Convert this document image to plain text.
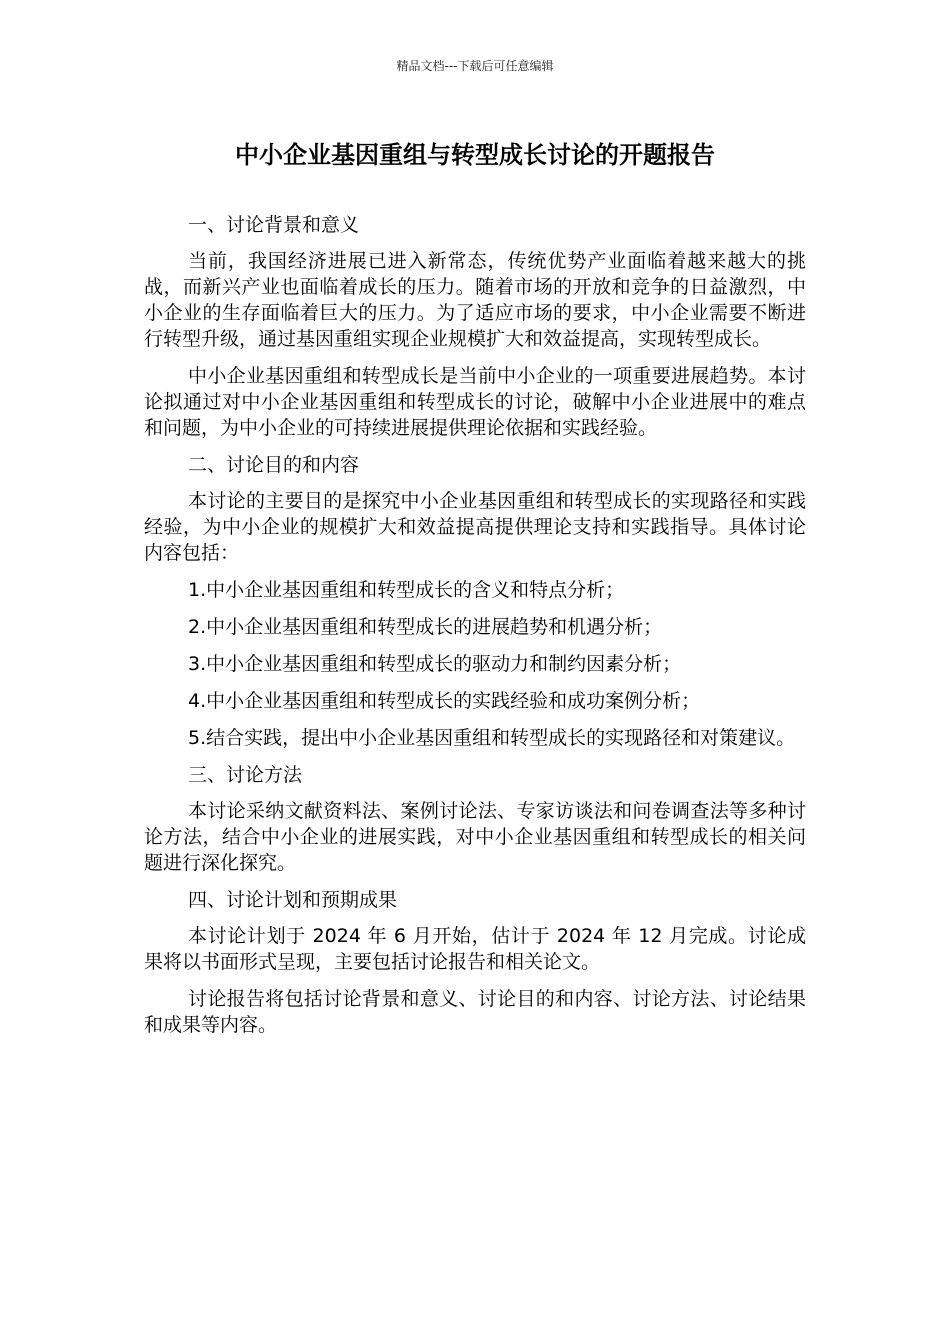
精品文档---下载后可任意编辑
中小企业基因重组与转型成长讨论的开题报告

一、讨论背景和意义

当前，我国经济进展已进入新常态，传统优势产业面临着越来越大的挑战，而新兴产业也面临着成长的压力。随着市场的开放和竞争的日益激烈，中小企业的生存面临着巨大的压力。为了适应市场的要求，中小企业需要不断进行转型升级，通过基因重组实现企业规模扩大和效益提高，实现转型成长。

中小企业基因重组和转型成长是当前中小企业的一项重要进展趋势。本讨论拟通过对中小企业基因重组和转型成长的讨论，破解中小企业进展中的难点和问题，为中小企业的可持续进展提供理论依据和实践经验。

二、讨论目的和内容

本讨论的主要目的是探究中小企业基因重组和转型成长的实现路径和实践经验，为中小企业的规模扩大和效益提高提供理论支持和实践指导。具体讨论内容包括：

1.中小企业基因重组和转型成长的含义和特点分析；

2.中小企业基因重组和转型成长的进展趋势和机遇分析；

3.中小企业基因重组和转型成长的驱动力和制约因素分析；

4.中小企业基因重组和转型成长的实践经验和成功案例分析；

5.结合实践，提出中小企业基因重组和转型成长的实现路径和对策建议。

三、讨论方法

本讨论采纳文献资料法、案例讨论法、专家访谈法和问卷调查法等多种讨论方法，结合中小企业的进展实践，对中小企业基因重组和转型成长的相关问题进行深化探究。

四、讨论计划和预期成果

本讨论计划于 2024 年 6 月开始，估计于 2024 年 12 月完成。讨论成果将以书面形式呈现，主要包括讨论报告和相关论文。

讨论报告将包括讨论背景和意义、讨论目的和内容、讨论方法、讨论结果和成果等内容。
